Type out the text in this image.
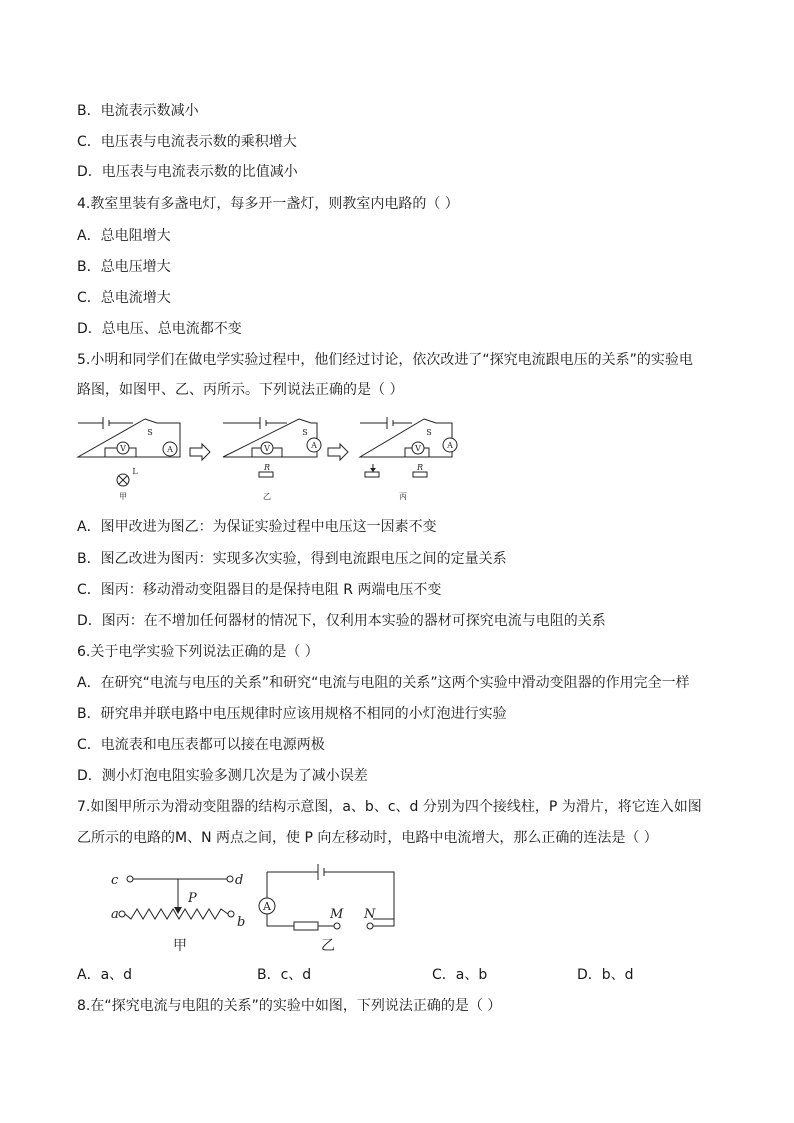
B．电流表示数减小
C．电压表与电流表示数的乘积增大
D．电压表与电流表示数的比值减小
4.教室里装有多盏电灯，每多开一盏灯，则教室内电路的（ ）
A．总电阻增大
B．总电压增大
C．总电流增大
D．总电压、总电流都不变
5.小明和同学们在做电学实验过程中，他们经过讨论，依次改进了“探究电流跟电压的关系”的实验电
路图，如图甲、乙、丙所示。下列说法正确的是（ ）
S
A
V
L
甲
S
A
V
R
乙
S
A
V
R
丙
A．图甲改进为图乙：为保证实验过程中电压这一因素不变
B．图乙改进为图丙：实现多次实验，得到电流跟电压之间的定量关系
C．图丙：移动滑动变阻器目的是保持电阻 R 两端电压不变
D．图丙：在不增加任何器材的情况下，仅利用本实验的器材可探究电流与电阻的关系
6.关于电学实验下列说法正确的是（ ）
A．在研究“电流与电压的关系”和研究“电流与电阻的关系”这两个实验中滑动变阻器的作用完全一样
B．研究串并联电路中电压规律时应该用规格不相同的小灯泡进行实验
C．电流表和电压表都可以接在电源两极
D．测小灯泡电阻实验多测几次是为了减小误差
7.如图甲所示为滑动变阻器的结构示意图，a、b、c、d 分别为四个接线柱，P 为滑片，将它连入如图
乙所示的电路的M、N 两点之间，使 P 向左移动时，电路中电流增大，那么正确的连法是（ ）
c	d
a
b
P
M N
A
甲	乙
A．a、d	B．c、d	C．a、b	D．b、d
8.在“探究电流与电阻的关系”的实验中如图，下列说法正确的是（ ）
